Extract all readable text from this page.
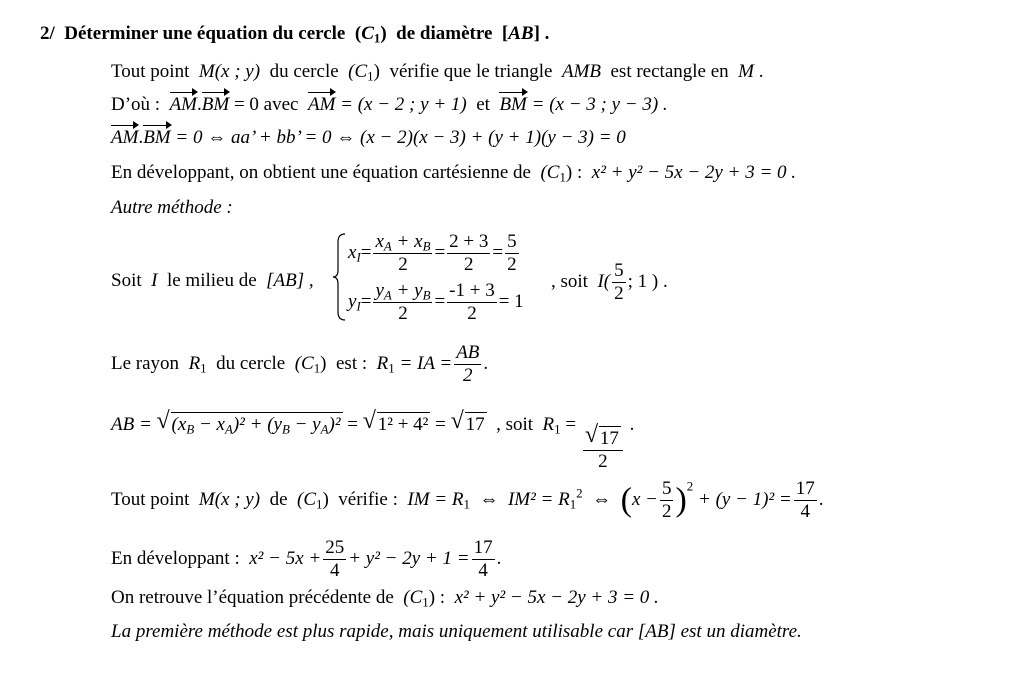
2/ Déterminer une équation du cercle  $(C_1)$  de diamètre  [AB] .
Tout point M(x ; y) du cercle $(C_1)$ vérifie que le triangle AMB est rectangle en M .
D’où : AM.BM = 0 avec AM = (x − 2 ; y + 1) et BM = (x − 3 ; y − 3) .
AM.BM = 0 ⇔ aa’ + bb’ = 0 ⇔ (x − 2)(x − 3) + (y + 1)(y − 3) = 0
En développant, on obtient une équation cartésienne de $(C_1)$ : x² + y² − 5x − 2y + 3 = 0 .
Autre méthode :
Soit I le milieu de [AB] ,
$x_I= \frac{x_A + x_B}{2} = \frac{2 + 3}{2} = \frac{5}{2}$
$y_I= \frac{y_A + y_B}{2} = \frac{-1 + 3}{2} = 1$
, soit $I( \frac{5}{2}$ ; 1 ) .
Le rayon $R_1$ du cercle $(C_1)$ est : $R_1$ = IA = $\frac{AB}{2}$ .
AB = √ $(x_B - x_A)^2 + (y_B - y_A)^2$ = √ 1² + 4² = √ 17 , soit $R_1$ =
$\frac{√ 17}{2}$
.
Tout point M(x ; y) de $(C_1)$ vérifie : IM = $R_1$ ⇔ $IM^2 = R_1^2$ ⇔ $(x - \frac{5}{2} )^2 + (y - 1)^2 = \frac{17}{4}$ .
En développant : $x^2 - 5x + \frac{25}{4} + y^2 - 2y + 1 = \frac{17}{4}$ .
On retrouve l’équation précédente de $(C_1)$ : x² + y² − 5x − 2y + 3 = 0 .
La première méthode est plus rapide, mais uniquement utilisable car [AB] est un diamètre.
